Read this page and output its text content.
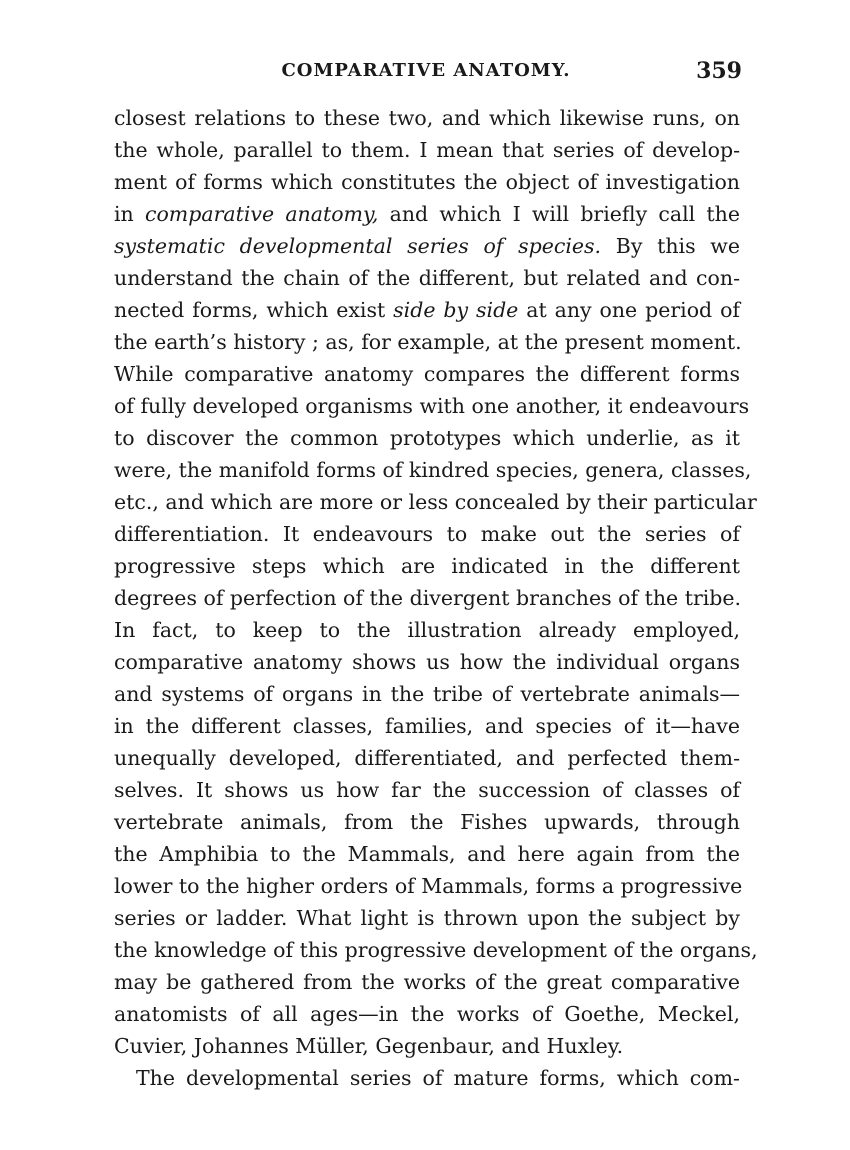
COMPARATIVE ANATOMY.	359
closest relations to these two, and which likewise runs, on
the whole, parallel to them. I mean that series of develop-
ment of forms which constitutes the object of investigation
in comparative anatomy, and which I will briefly call the
systematic developmental series of species. By this we
understand the chain of the different, but related and con-
nected forms, which exist side by side at any one period of
the earth’s history ; as, for example, at the present moment.
While comparative anatomy compares the different forms
of fully developed organisms with one another, it endeavours
to discover the common prototypes which underlie, as it
were, the manifold forms of kindred species, genera, classes,
etc., and which are more or less concealed by their particular
differentiation. It endeavours to make out the series of
progressive steps which are indicated in the different
degrees of perfection of the divergent branches of the tribe.
In fact, to keep to the illustration already employed,
comparative anatomy shows us how the individual organs
and systems of organs in the tribe of vertebrate animals—
in the different classes, families, and species of it—have
unequally developed, differentiated, and perfected them-
selves. It shows us how far the succession of classes of
vertebrate animals, from the Fishes upwards, through
the Amphibia to the Mammals, and here again from the
lower to the higher orders of Mammals, forms a progressive
series or ladder. What light is thrown upon the subject by
the knowledge of this progressive development of the organs,
may be gathered from the works of the great comparative
anatomists of all ages—in the works of Goethe, Meckel,
Cuvier, Johannes Müller, Gegenbaur, and Huxley.
The developmental series of mature forms, which com-
